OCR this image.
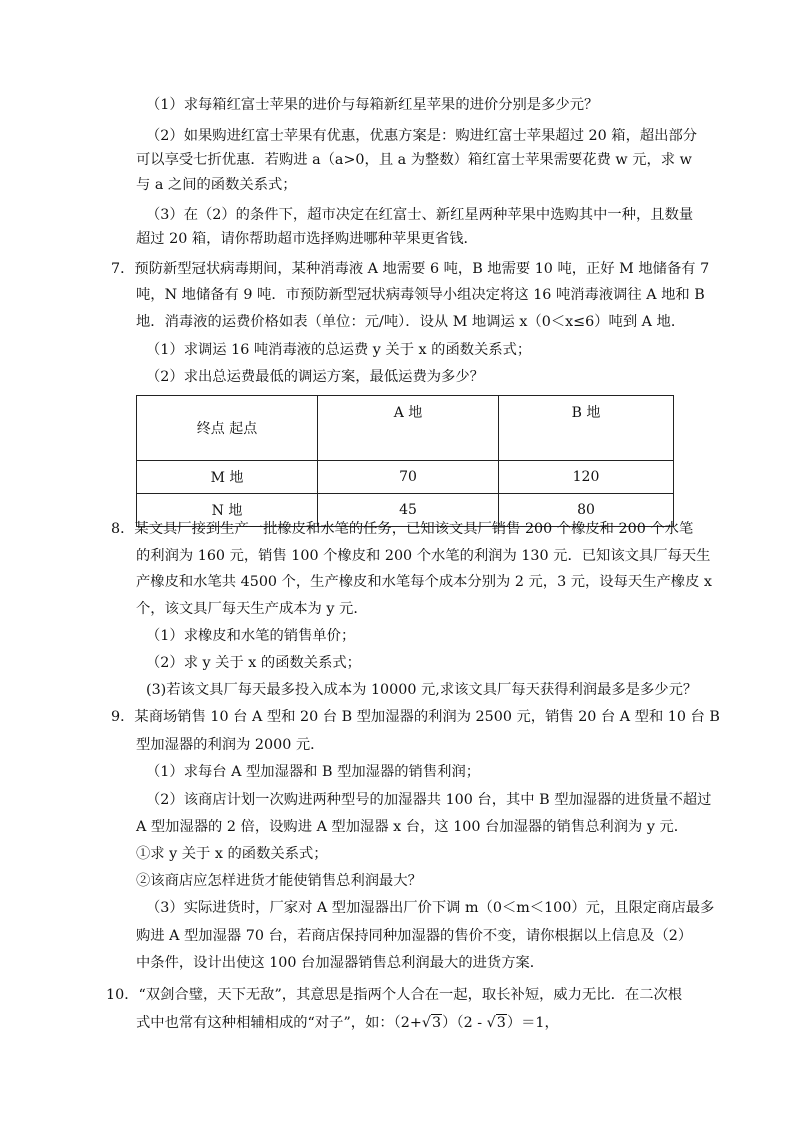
（1）求每箱红富士苹果的进价与每箱新红星苹果的进价分别是多少元？
（2）如果购进红富士苹果有优惠，优惠方案是：购进红富士苹果超过 20 箱，超出部分
可以享受七折优惠．若购进 a（a>0，且 a 为整数）箱红富士苹果需要花费 w 元，求 w
与 a 之间的函数关系式；
（3）在（2）的条件下，超市决定在红富士、新红星两种苹果中选购其中一种，且数量
超过 20 箱，请你帮助超市选择购进哪种苹果更省钱．
7．预防新型冠状病毒期间，某种消毒液 A 地需要 6 吨，B 地需要 10 吨，正好 M 地储备有 7
吨，N 地储备有 9 吨．市预防新型冠状病毒领导小组决定将这 16 吨消毒液调往 A 地和 B
地．消毒液的运费价格如表（单位：元/吨）．设从 M 地调运 x（0＜x≤6）吨到 A 地．
（1）求调运 16 吨消毒液的总运费 y 关于 x 的函数关系式；
（2）求出总运费最低的调运方案，最低运费为多少？
终点 起点	A 地	B 地
M 地	70	120
N 地	45	80
8．某文具厂接到生产一批橡皮和水笔的任务，已知该文具厂销售 200 个橡皮和 200 个水笔
的利润为 160 元，销售 100 个橡皮和 200 个水笔的利润为 130 元．已知该文具厂每天生
产橡皮和水笔共 4500 个，生产橡皮和水笔每个成本分别为 2 元，3 元，设每天生产橡皮 x
个，该文具厂每天生产成本为 y 元．
（1）求橡皮和水笔的销售单价；
（2）求 y 关于 x 的函数关系式；
(3)若该文具厂每天最多投入成本为 10000 元,求该文具厂每天获得利润最多是多少元？
9．某商场销售 10 台 A 型和 20 台 B 型加湿器的利润为 2500 元，销售 20 台 A 型和 10 台 B
型加湿器的利润为 2000 元．
（1）求每台 A 型加湿器和 B 型加湿器的销售利润；
（2）该商店计划一次购进两种型号的加湿器共 100 台，其中 B 型加湿器的进货量不超过
A 型加湿器的 2 倍，设购进 A 型加湿器 x 台，这 100 台加湿器的销售总利润为 y 元．
①求 y 关于 x 的函数关系式；
②该商店应怎样进货才能使销售总利润最大？
（3）实际进货时，厂家对 A 型加湿器出厂价下调 m（0＜m＜100）元，且限定商店最多
购进 A 型加湿器 70 台，若商店保持同种加湿器的售价不变，请你根据以上信息及（2）
中条件，设计出使这 100 台加湿器销售总利润最大的进货方案．
10．“双剑合璧，天下无敌”，其意思是指两个人合在一起，取长补短，威力无比．在二次根
式中也常有这种相辅相成的“对子”，如：（2+√3）（2 - √3）＝1，
